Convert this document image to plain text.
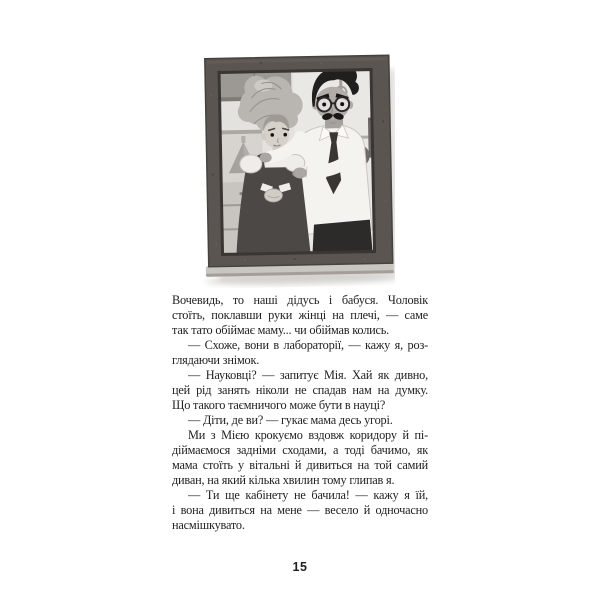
Вочевидь, то наші дідусь і бабуся. Чоловік
стоїть, поклавши руки жінці на плечі, — саме
так тато обіймає маму... чи обіймав колись.
— Схоже, вони в лабораторії, — кажу я, роз-
глядаючи знімок.
— Науковці? — запитує Мія. Хай як дивно,
цей рід занять ніколи не спадав нам на думку.
Що такого таємничого може бути в науці?
— Діти, де ви? — гукає мама десь угорі.
Ми з Мією крокуємо вздовж коридору й пі-
діймаємося задніми сходами, а тоді бачимо, як
мама стоїть у вітальні й дивиться на той самий
диван, на який кілька хвилин тому глипав я.
— Ти ще кабінету не бачила! — кажу я їй,
і вона дивиться на мене — весело й одночасно
насмішкувато.
15
